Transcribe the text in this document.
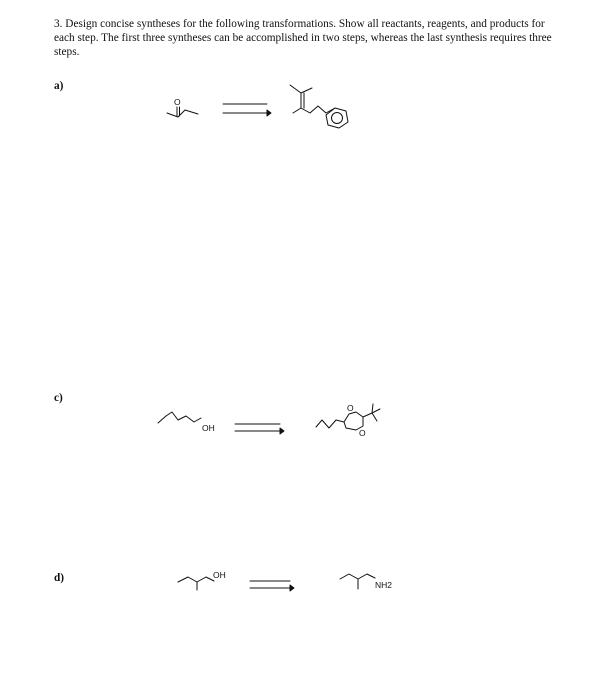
3. Design concise syntheses for the following transformations. Show all reactants, reagents, and products for each step. The first three syntheses can be accomplished in two steps, whereas the last synthesis requires three steps.

a)
O
c)
OH
O
O
d)	OH
NH2
